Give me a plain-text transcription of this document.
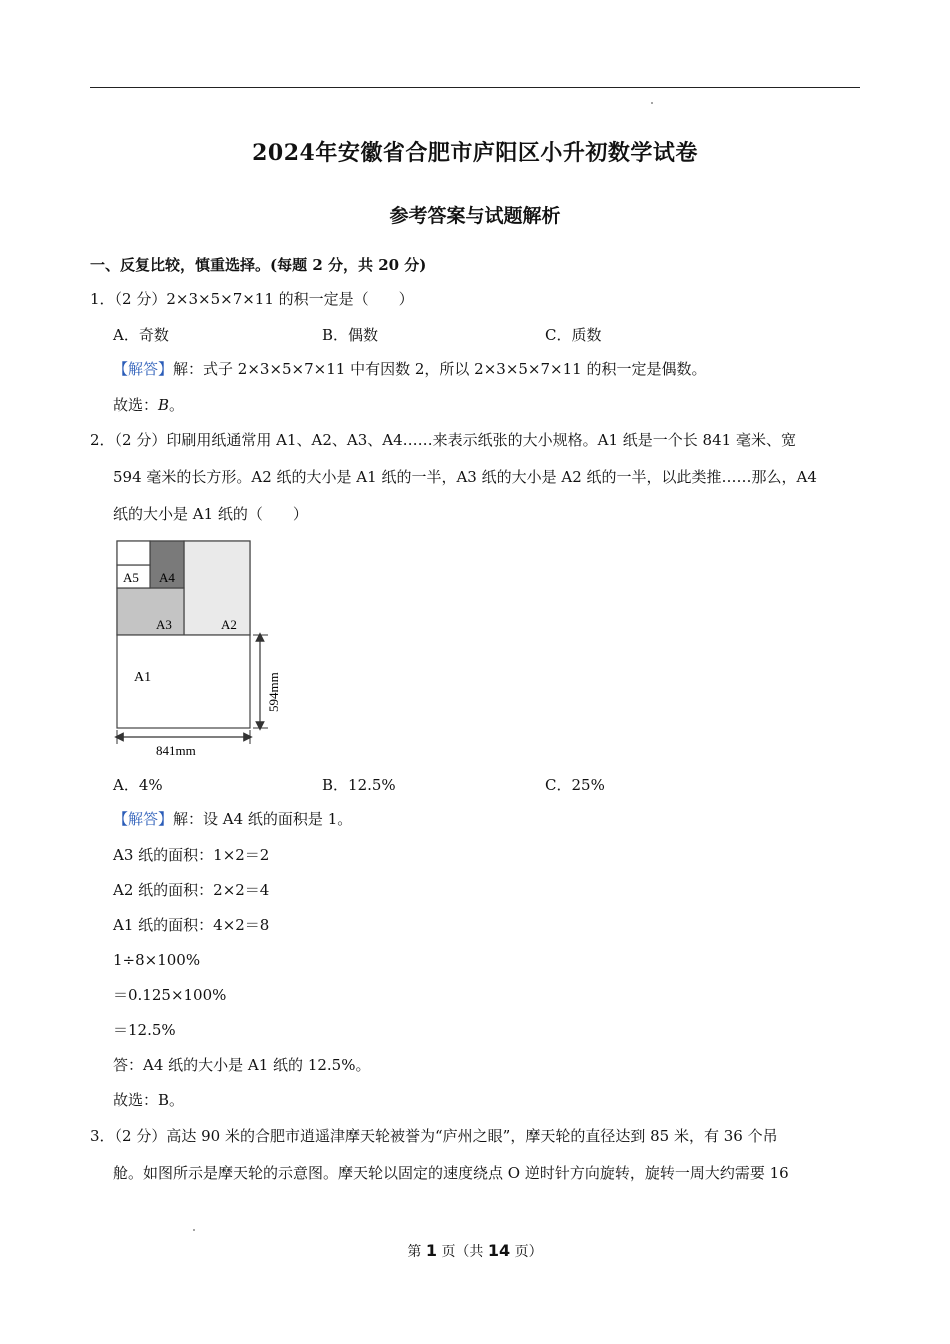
2024年安徽省合肥市庐阳区小升初数学试卷
参考答案与试题解析
一、反复比较，慎重选择。(每题 2 分，共 20 分)
1．（2 分）2×3×5×7×11 的积一定是（　　）
A．奇数	B．偶数	C．质数
【解答】解：式子 2×3×5×7×11 中有因数 2，所以 2×3×5×7×11 的积一定是偶数。
故选：B。
2．（2 分）印刷用纸通常用 A1、A2、A3、A4……来表示纸张的大小规格。A1 纸是一个长 841 毫米、宽
594 毫米的长方形。A2 纸的大小是 A1 纸的一半，A3 纸的大小是 A2 纸的一半，以此类推……那么，A4
纸的大小是 A1 纸的（　　）
A5 A4
A3	A2
A1	594mm
841mm
A．4%	B．12.5%	C．25%
【解答】解：设 A4 纸的面积是 1。
A3 纸的面积：1×2＝2
A2 纸的面积：2×2＝4
A1 纸的面积：4×2＝8
1÷8×100%
＝0.125×100%
＝12.5%
答：A4 纸的大小是 A1 纸的 12.5%。
故选：B。
3．（2 分）高达 90 米的合肥市逍遥津摩天轮被誉为“庐州之眼”，摩天轮的直径达到 85 米，有 36 个吊
舱。如图所示是摩天轮的示意图。摩天轮以固定的速度绕点 O 逆时针方向旋转，旋转一周大约需要 16
第 1 页（共 14 页）
